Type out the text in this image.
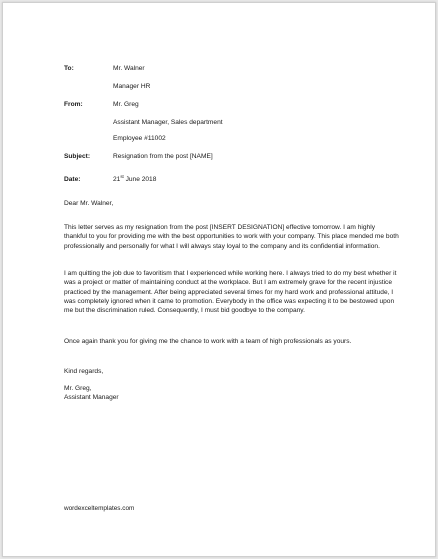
To:	Mr. Walner
Manager HR
From:	Mr. Greg
Assistant Manager, Sales department
Employee #11002
Subject:	Resignation from the post [NAME]
Date:	21st June 2018

Dear Mr. Walner,

This letter serves as my resignation from the post [INSERT DESIGNATION] effective tomorrow. I am highly thankful to you for providing me with the best opportunities to work with your company. This place mended me both professionally and personally for what I will always stay loyal to the company and its confidential information.

I am quitting the job due to favoritism that I experienced while working here. I always tried to do my best whether it was a project or matter of maintaining conduct at the workplace. But I am extremely grave for the recent injustice practiced by the management. After being appreciated several times for my hard work and professional attitude, I was completely ignored when it came to promotion. Everybody in the office was expecting it to be bestowed upon me but the discrimination ruled. Consequently, I must bid goodbye to the company.

Once again thank you for giving me the chance to work with a team of high professionals as yours.

Kind regards,

Mr. Greg,

Assistant Manager

wordexceltemplates.com
